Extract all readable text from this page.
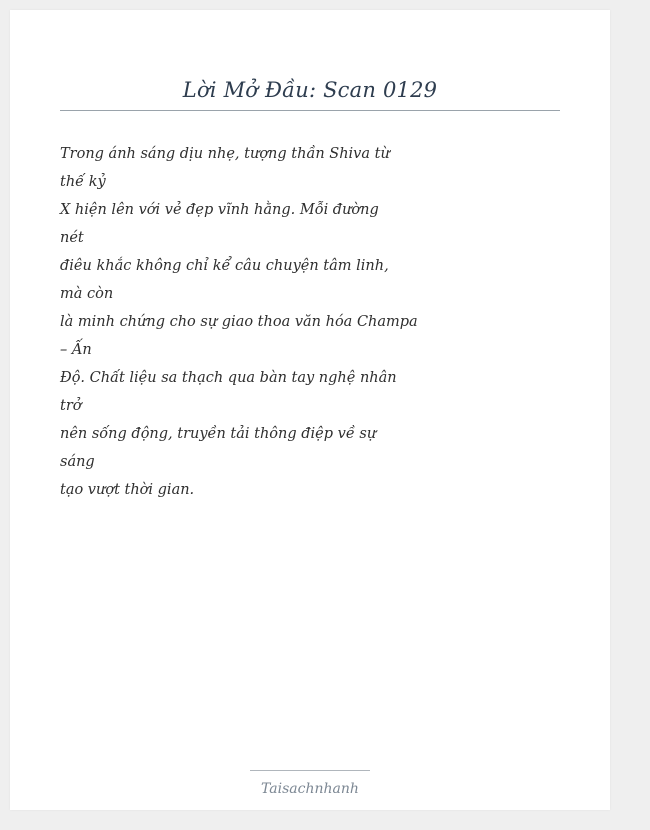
Lời Mở Đầu: Scan 0129
Trong ánh sáng dịu nhẹ, tượng thần Shiva từ
thế kỷ
X hiện lên với vẻ đẹp vĩnh hằng. Mỗi đường
nét
điêu khắc không chỉ kể câu chuyện tâm linh,
mà còn
là minh chứng cho sự giao thoa văn hóa Champa
– Ấn
Độ. Chất liệu sa thạch qua bàn tay nghệ nhân
trở
nên sống động, truyền tải thông điệp về sự
sáng
tạo vượt thời gian.
Taisachnhanh
